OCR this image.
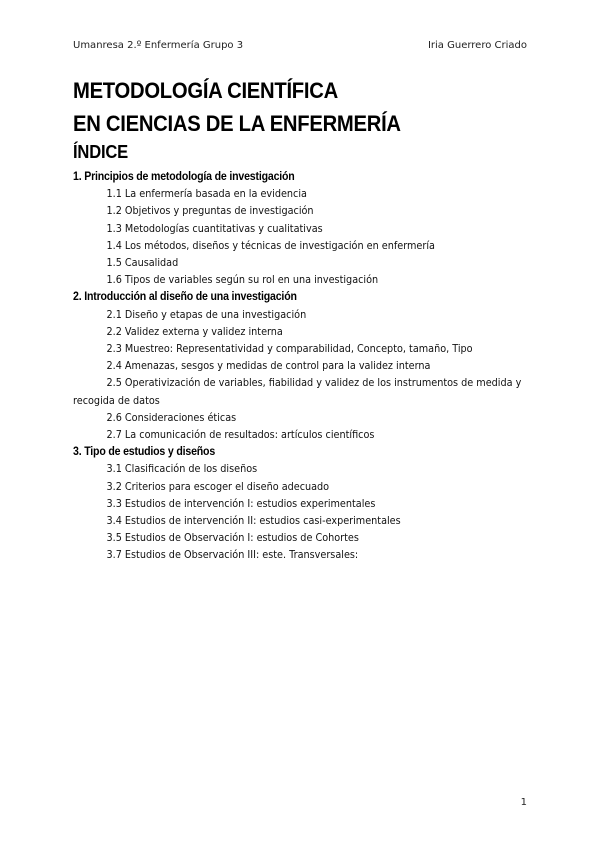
Umanresa 2.º Enfermería Grupo 3	Iria Guerrero Criado
METODOLOGÍA CIENTÍFICA
EN CIENCIAS DE LA ENFERMERÍA
ÍNDICE
1. Principios de metodología de investigación
1.1 La enfermería basada en la evidencia
1.2 Objetivos y preguntas de investigación
1.3 Metodologías cuantitativas y cualitativas
1.4 Los métodos, diseños y técnicas de investigación en enfermería
1.5 Causalidad
1.6 Tipos de variables según su rol en una investigación
2. Introducción al diseño de una investigación
2.1 Diseño y etapas de una investigación
2.2 Validez externa y validez interna
2.3 Muestreo: Representatividad y comparabilidad, Concepto, tamaño, Tipo
2.4 Amenazas, sesgos y medidas de control para la validez interna
2.5 Operativización de variables, fiabilidad y validez de los instrumentos de medida y recogida de datos
2.6 Consideraciones éticas
2.7 La comunicación de resultados: artículos científicos
3. Tipo de estudios y diseños
3.1 Clasificación de los diseños
3.2 Criterios para escoger el diseño adecuado
3.3 Estudios de intervención I: estudios experimentales
3.4 Estudios de intervención II: estudios casi-experimentales
3.5 Estudios de Observación I: estudios de Cohortes
3.7 Estudios de Observación III: este. Transversales:
1
